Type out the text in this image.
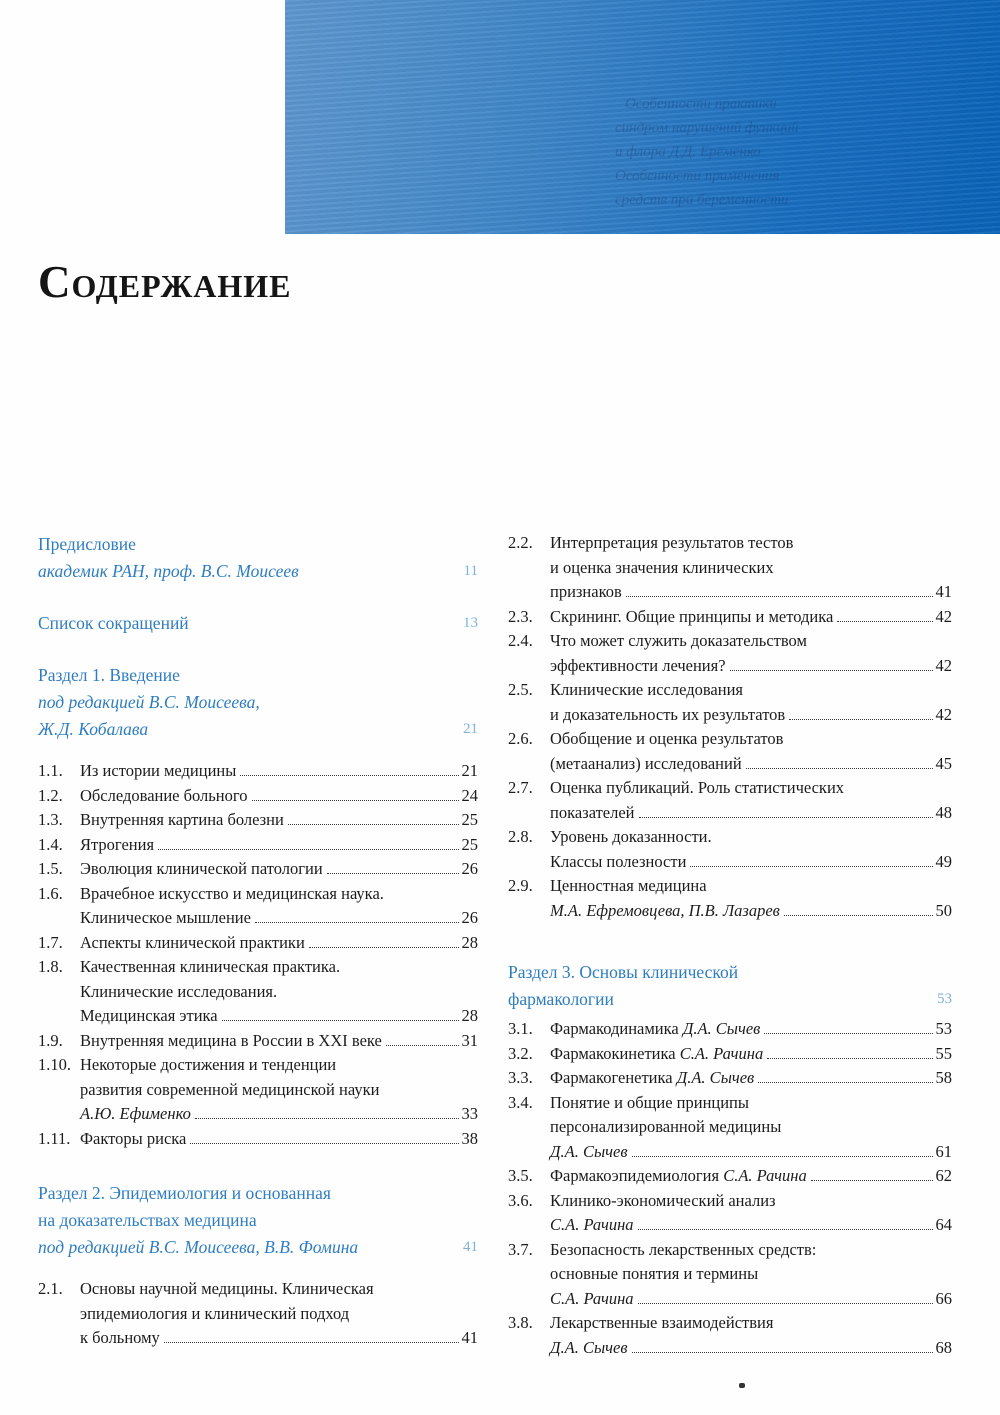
Особенности практики
синдром нарушений функций
и флора Д.Д. Ерёменко
Особенности применения
средств при беременности
Содержание
Предисловие
академик РАН, проф. В.С. Моисеев	11
Список сокращений	13
Раздел 1. Введение
под редакцией В.С. Моисеева,
Ж.Д. Кобалава	21
1.1.	Из истории медицины	21
1.2.	Обследование больного	24
1.3.	Внутренняя картина болезни	25
1.4.	Ятрогения	25
1.5.	Эволюция клинической патологии	26
1.6.	Врачебное искусство и медицинская наука.
Клиническое мышление	26
1.7.	Аспекты клинической практики	28
1.8.	Качественная клиническая практика.
Клинические исследования.
Медицинская этика	28
1.9.	Внутренняя медицина в России в XXI веке	31
1.10. Некоторые достижения и тенденции
развития современной медицинской науки
А.Ю. Ефименко	33
1.11. Факторы риска	38
Раздел 2. Эпидемиология и основанная
на доказательствах медицина
под редакцией В.С. Моисеева, В.В. Фомина	41
2.1.	Основы научной медицины. Клиническая
эпидемиология и клинический подход
к больному	41
2.2.	Интерпретация результатов тестов
и оценка значения клинических
признаков	41
2.3.	Скрининг. Общие принципы и методика	42
2.4.	Что может служить доказательством
эффективности лечения?	42
2.5.	Клинические исследования
и доказательность их результатов	42
2.6.	Обобщение и оценка результатов
(метаанализ) исследований	45
2.7.	Оценка публикаций. Роль статистических
показателей	48
2.8.	Уровень доказанности.
Классы полезности	49
2.9.	Ценностная медицина
М.А. Ефремовцева, П.В. Лазарев	50
Раздел 3. Основы клинической
фармакологии	53
3.1.	Фармакодинамика
Д.А. Сычев	53
3.2.	Фармакокинетика
С.А. Рачина	55
3.3.	Фармакогенетика
Д.А. Сычев	58
3.4.	Понятие и общие принципы
персонализированной медицины
Д.А. Сычев	61
3.5.	Фармакоэпидемиология
С.А. Рачина	62
3.6.	Клинико-экономический анализ
С.А. Рачина	64
3.7.	Безопасность лекарственных средств:
основные понятия и термины
С.А. Рачина	66
3.8.	Лекарственные взаимодействия
Д.А. Сычев	68
